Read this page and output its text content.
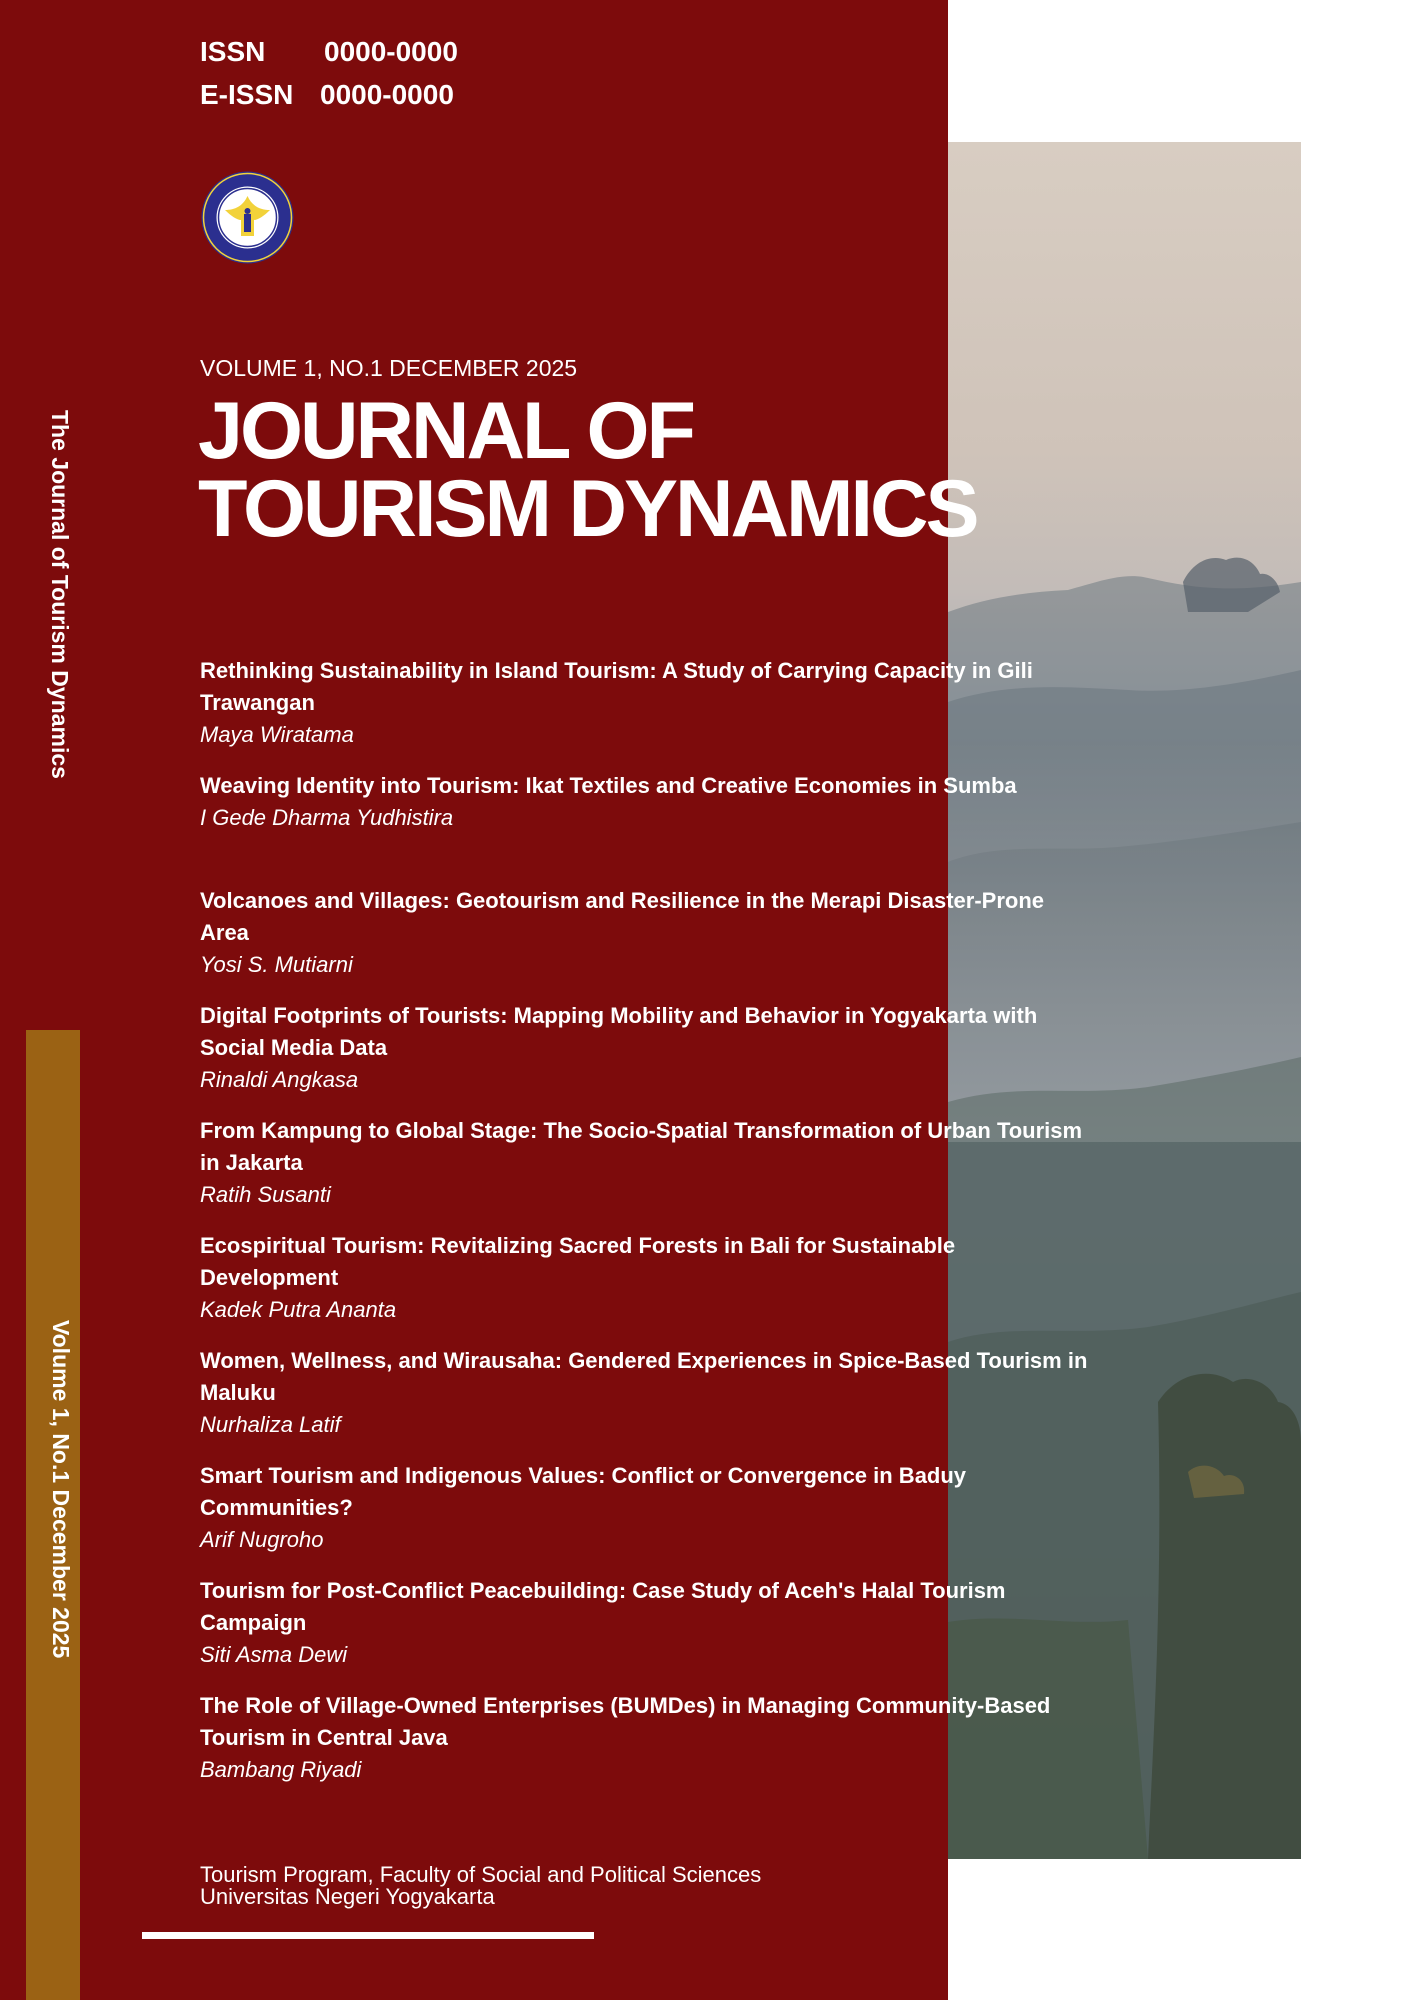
ISSN 0000-0000
E-ISSN 0000-0000

VOLUME 1, NO.1 DECEMBER 2025
JOURNAL OF
TOURISM DYNAMICS
The Journal of Tourism Dynamics
Volume 1, No.1 December 2025
Rethinking Sustainability in Island Tourism: A Study of Carrying Capacity in Gili Trawangan
Maya Wiratama
Weaving Identity into Tourism: Ikat Textiles and Creative Economies in Sumba
I Gede Dharma Yudhistira
Volcanoes and Villages: Geotourism and Resilience in the Merapi Disaster-Prone Area
Yosi S. Mutiarni
Digital Footprints of Tourists: Mapping Mobility and Behavior in Yogyakarta with Social Media Data
Rinaldi Angkasa
From Kampung to Global Stage: The Socio-Spatial Transformation of Urban Tourism in Jakarta
Ratih Susanti
Ecospiritual Tourism: Revitalizing Sacred Forests in Bali for Sustainable Development
Kadek Putra Ananta
Women, Wellness, and Wirausaha: Gendered Experiences in Spice-Based Tourism in Maluku
Nurhaliza Latif
Smart Tourism and Indigenous Values: Conflict or Convergence in Baduy Communities?
Arif Nugroho
Tourism for Post-Conflict Peacebuilding: Case Study of Aceh's Halal Tourism Campaign
Siti Asma Dewi
The Role of Village-Owned Enterprises (BUMDes) in Managing Community-Based Tourism in Central Java
Bambang Riyadi
Tourism Program, Faculty of Social and Political Sciences
Universitas Negeri Yogyakarta
